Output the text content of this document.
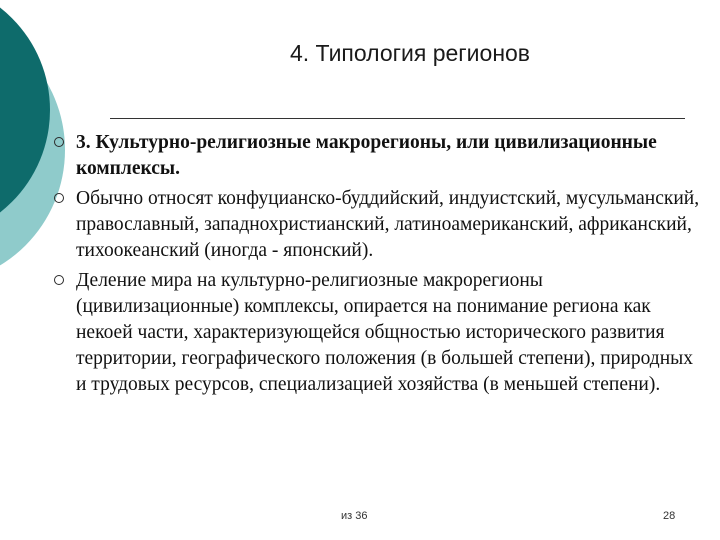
4. Типология регионов
3. Культурно-религиозные макрорегионы, или цивилизационные комплексы.
Обычно относят конфуцианско-буддийский, индуистский, мусульманский, православный, западнохристианский, латиноамериканский, африканский, тихоокеанский (иногда - японский).
Деление мира на культурно-религиозные макрорегионы (цивилизационные) комплексы, опирается на понимание региона как некоей части, характеризующейся общностью исторического развития территории, географического положения (в большей степени), природных и трудовых ресурсов, специализацией хозяйства (в меньшей степени).
из 36	28
